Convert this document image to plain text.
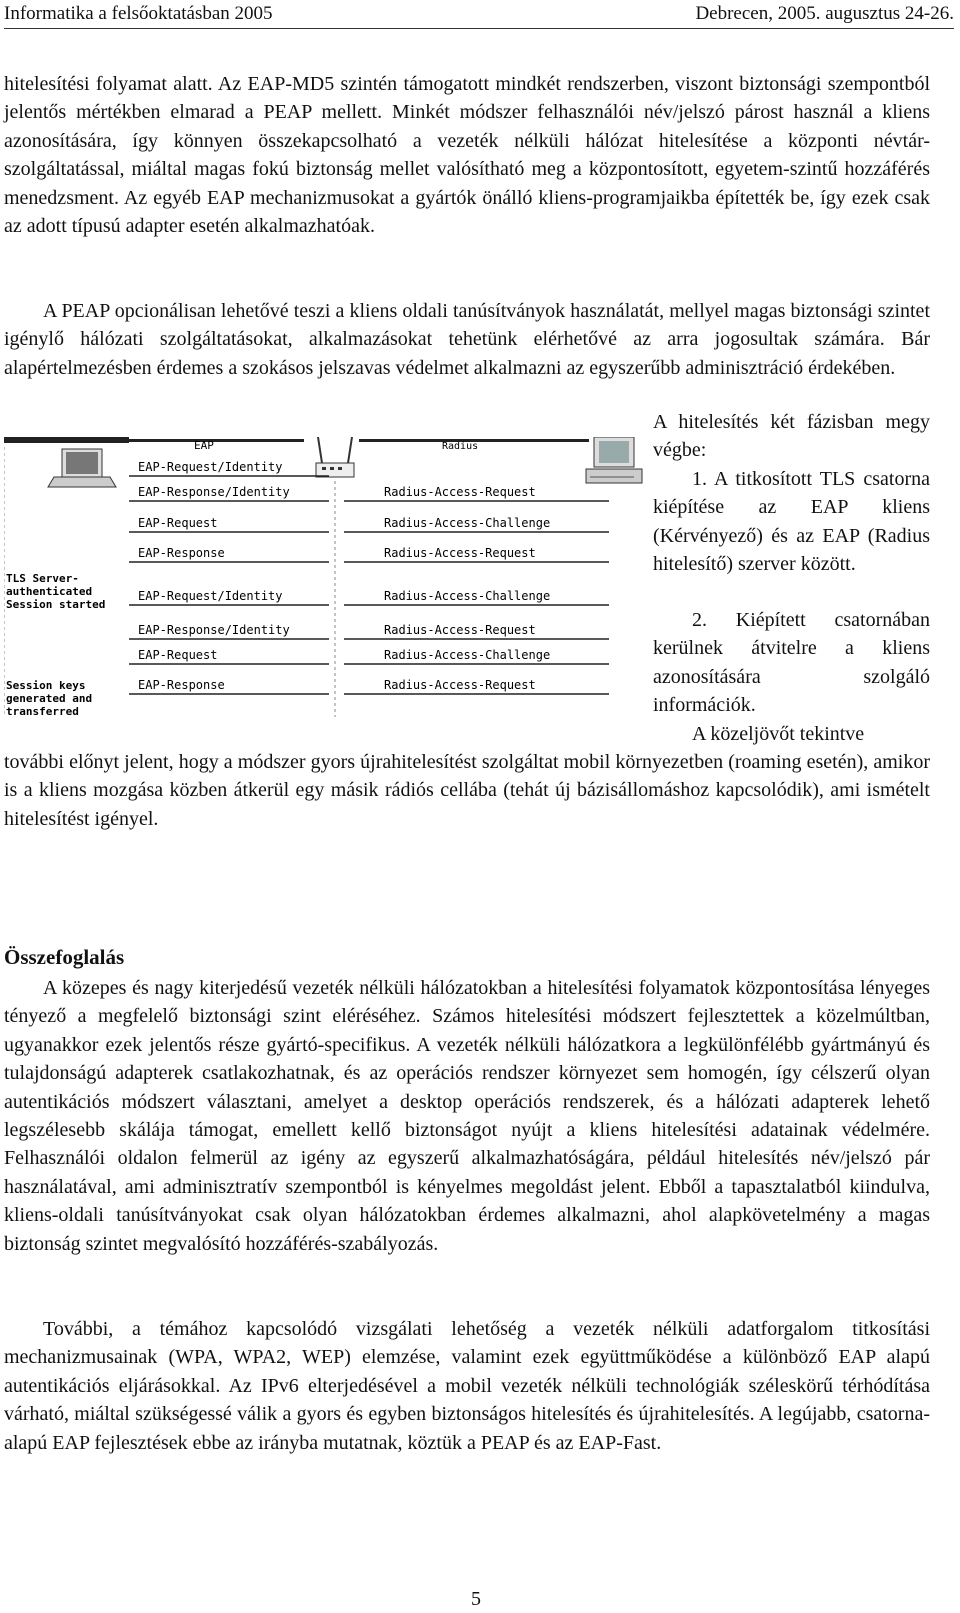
Informatika a felsőoktatásban 2005	Debrecen, 2005. augusztus 24-26.

hitelesítési folyamat alatt. Az EAP-MD5 szintén támogatott mindkét rendszerben, viszont biztonsági szempontból jelentős mértékben elmarad a PEAP mellett. Minkét módszer felhasználói név/jelszó párost használ a kliens azonosítására, így könnyen összekapcsolható a vezeték nélküli hálózat hitelesítése a központi névtár-szolgáltatással, miáltal magas fokú biztonság mellet valósítható meg a központosított, egyetem-szintű hozzáférés menedzsment. Az egyéb EAP mechanizmusokat a gyártók önálló kliens-programjaikba építették be, így ezek csak az adott típusú adapter esetén alkalmazhatóak.

A PEAP opcionálisan lehetővé teszi a kliens oldali tanúsítványok használatát, mellyel magas biztonsági szintet igénylő hálózati szolgáltatásokat, alkalmazásokat tehetünk elérhetővé az arra jogosultak számára. Bár alapértelmezésben érdemes a szokásos jelszavas védelmet alkalmazni az egyszerűbb adminisztráció érdekében.

EAP	Radius
TLS Server-
authenticated
Session started
Session keys
generated and
transferred
EAP-Request/Identity
EAP-Response/Identity
EAP-Request
EAP-Response
EAP-Request/Identity
EAP-Response/Identity
EAP-Request
EAP-Response
Radius-Access-Request
Radius-Access-Challenge
Radius-Access-Request
Radius-Access-Challenge
Radius-Access-Request
Radius-Access-Challenge
Radius-Access-Request

A hitelesítés két fázisban megy végbe:

1. A titkosított TLS csatorna kiépítése az EAP kliens (Kérvényező) és az EAP (Radius hitelesítő) szerver között.

2. Kiépített csatornában kerülnek átvitelre a kliens azonosítására szolgáló információk.

A közeljövőt tekintve

további előnyt jelent, hogy a módszer gyors újrahitelesítést szolgáltat mobil környezetben (roaming esetén), amikor is a kliens mozgása közben átkerül egy másik rádiós cellába (tehát új bázisállomáshoz kapcsolódik), ami ismételt hitelesítést igényel.

Összefoglalás

A közepes és nagy kiterjedésű vezeték nélküli hálózatokban a hitelesítési folyamatok központosítása lényeges tényező a megfelelő biztonsági szint eléréséhez. Számos hitelesítési módszert fejlesztettek a közelmúltban, ugyanakkor ezek jelentős része gyártó-specifikus. A vezeték nélküli hálózatkora a legkülönfélébb gyártmányú és tulajdonságú adapterek csatlakozhatnak, és az operációs rendszer környezet sem homogén, így célszerű olyan autentikációs módszert választani, amelyet a desktop operációs rendszerek, és a hálózati adapterek lehető legszélesebb skálája támogat, emellett kellő biztonságot nyújt a kliens hitelesítési adatainak védelmére. Felhasználói oldalon felmerül az igény az egyszerű alkalmazhatóságára, például hitelesítés név/jelszó pár használatával, ami adminisztratív szempontból is kényelmes megoldást jelent. Ebből a tapasztalatból kiindulva, kliens-oldali tanúsítványokat csak olyan hálózatokban érdemes alkalmazni, ahol alapkövetelmény a magas biztonság szintet megvalósító hozzáférés-szabályozás.

További, a témához kapcsolódó vizsgálati lehetőség a vezeték nélküli adatforgalom titkosítási mechanizmusainak (WPA, WPA2, WEP) elemzése, valamint ezek együttműködése a különböző EAP alapú autentikációs eljárásokkal. Az IPv6 elterjedésével a mobil vezeték nélküli technológiák széleskörű térhódítása várható, miáltal szükségessé válik a gyors és egyben biztonságos hitelesítés és újrahitelesítés. A legújabb, csatorna-alapú EAP fejlesztések ebbe az irányba mutatnak, köztük a PEAP és az EAP-Fast.

5
